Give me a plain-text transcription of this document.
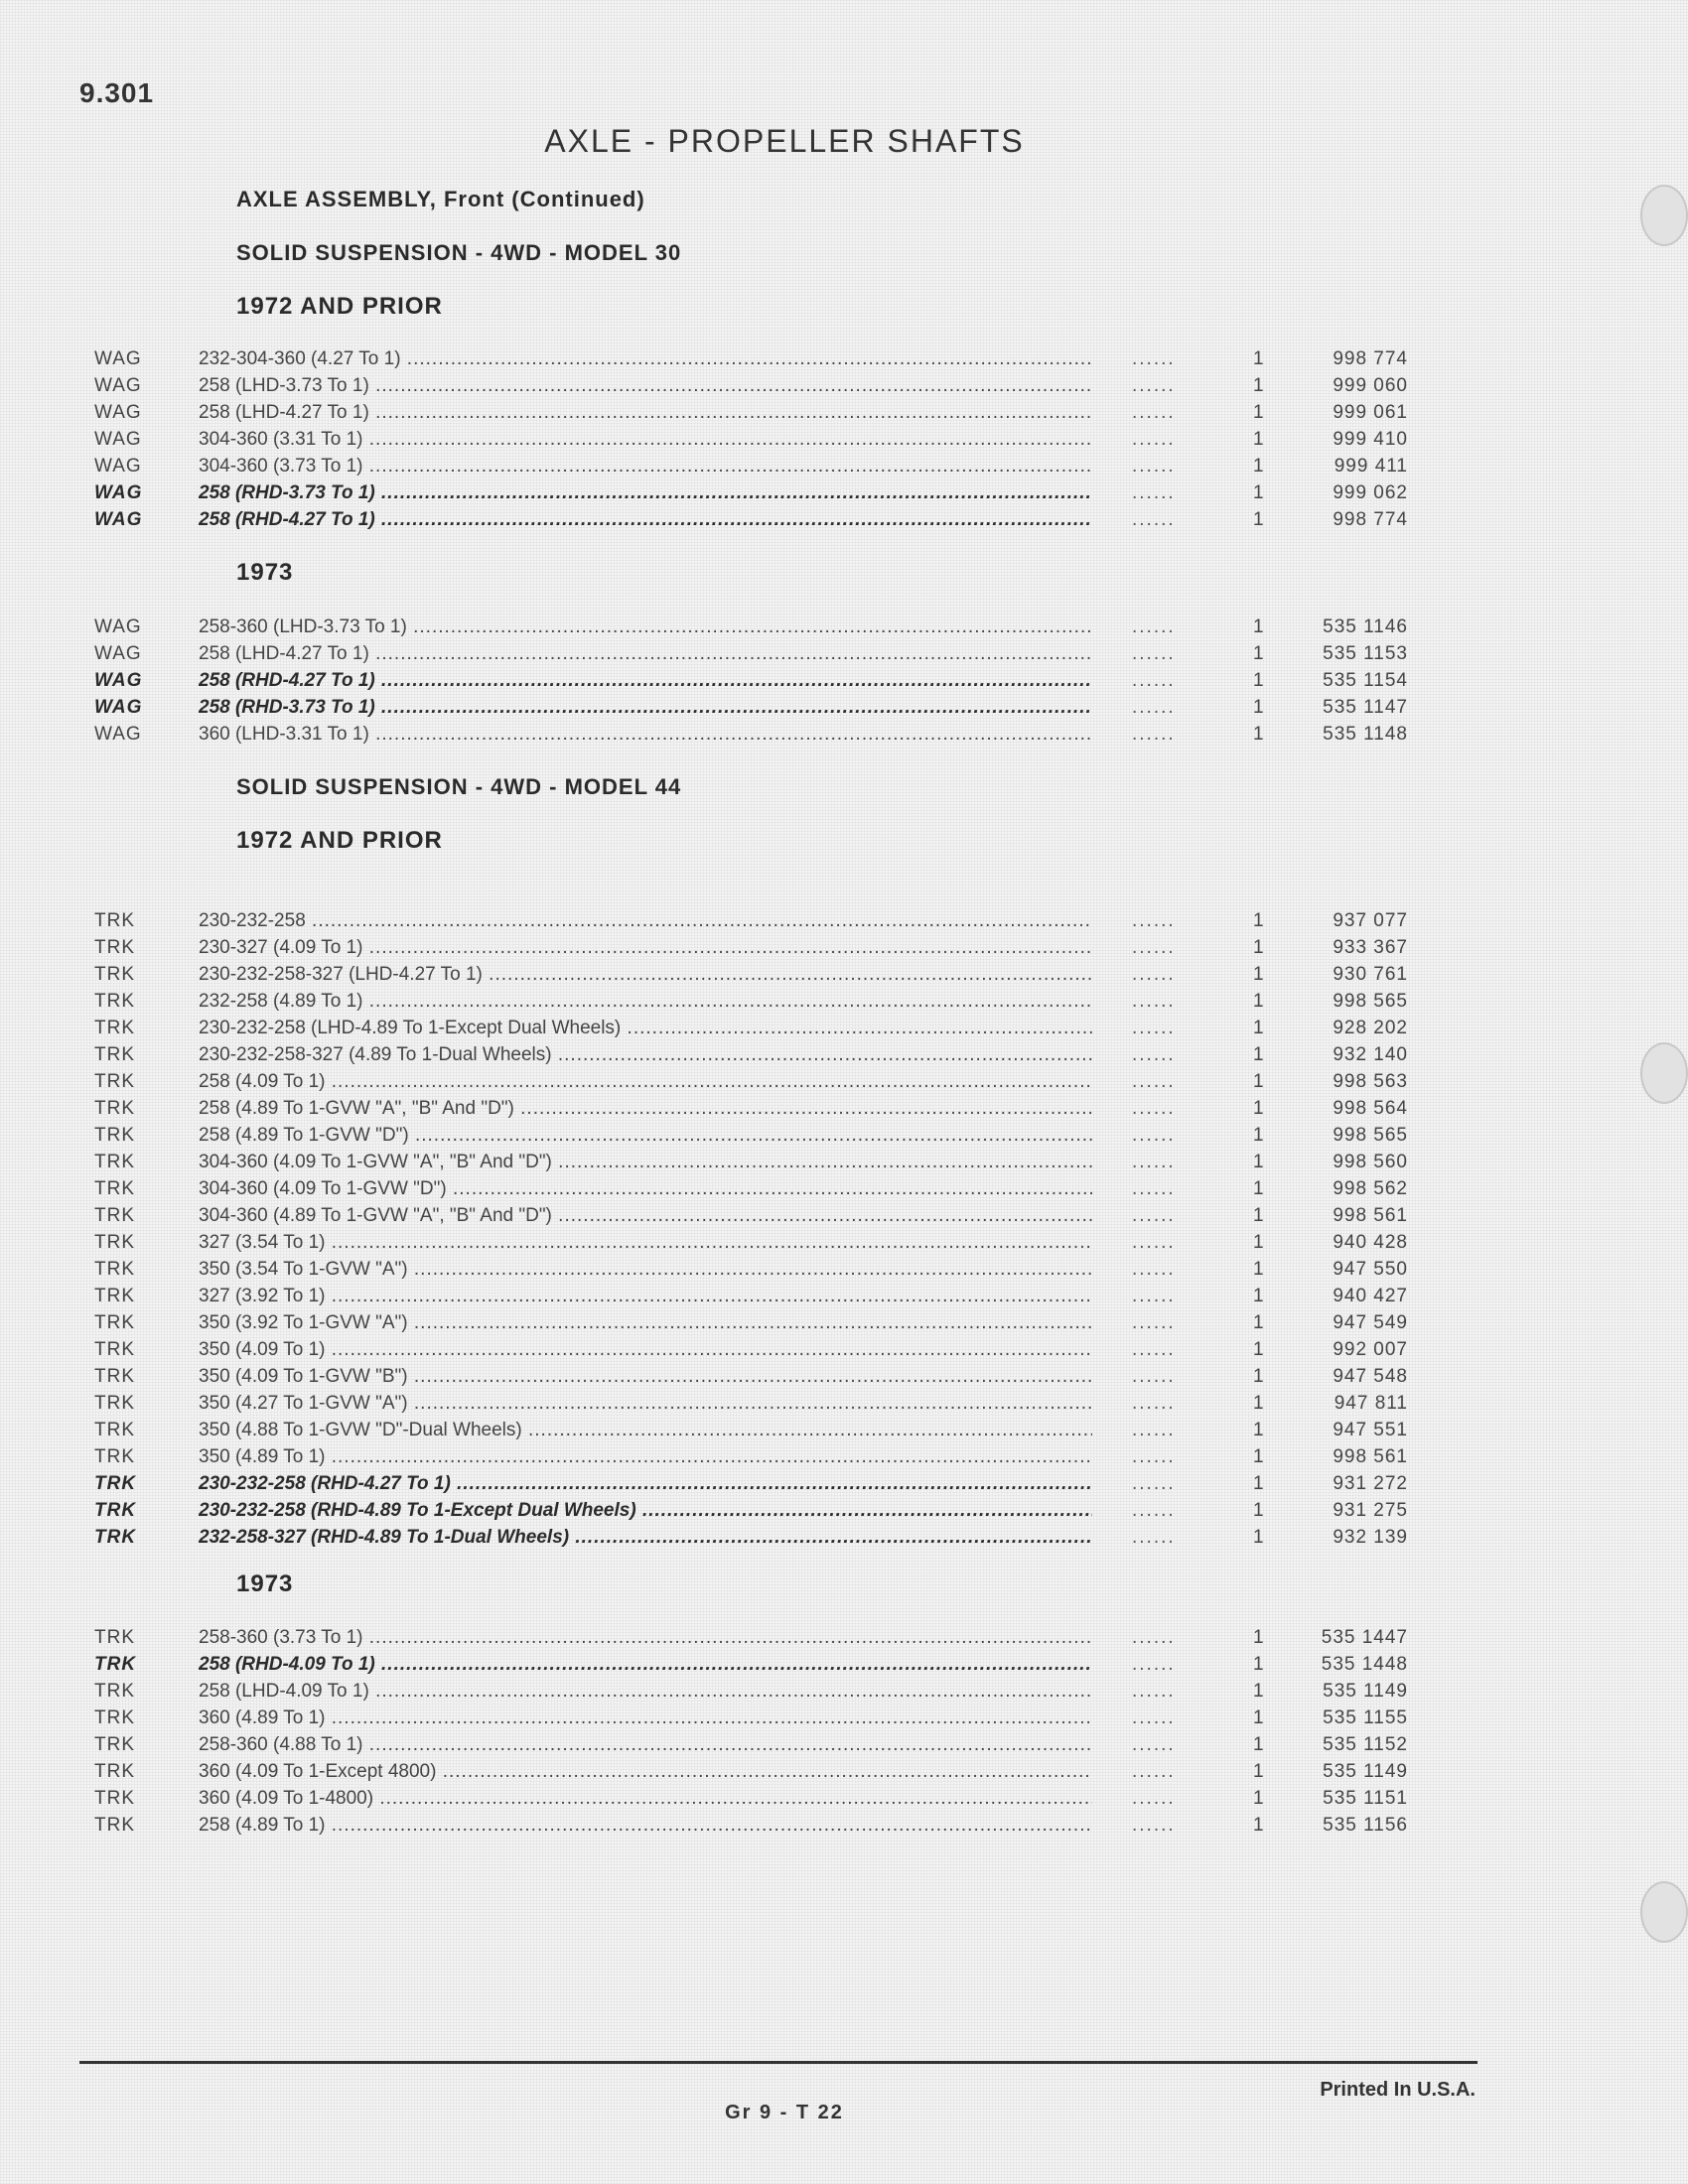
9.301
AXLE - PROPELLER SHAFTS
AXLE ASSEMBLY, Front (Continued)
SOLID SUSPENSION - 4WD - MODEL 30
1972 AND PRIOR
WAG	232-304-360 (4.27 To 1) .....	......	1	998 774
WAG	258 (LHD-3.73 To 1) .....	......	1	999 060
WAG	258 (LHD-4.27 To 1) .....	......	1	999 061
WAG	304-360 (3.31 To 1) .....	......	1	999 410
WAG	304-360 (3.73 To 1) .....	......	1	999 411
WAG	258 (RHD-3.73 To 1) .....	......	1	999 062
WAG	258 (RHD-4.27 To 1) .....	......	1	998 774
1973
WAG	258-360 (LHD-3.73 To 1) .....	......	1	535 1146
WAG	258 (LHD-4.27 To 1) .....	......	1	535 1153
WAG	258 (RHD-4.27 To 1) .....	......	1	535 1154
WAG	258 (RHD-3.73 To 1) .....	......	1	535 1147
WAG	360 (LHD-3.31 To 1) .....	......	1	535 1148
SOLID SUSPENSION - 4WD - MODEL 44
1972 AND PRIOR
TRK	230-232-258 .....	......	1	937 077
TRK	230-327 (4.09 To 1) .....	......	1	933 367
TRK	230-232-258-327 (LHD-4.27 To 1) .....	......	1	930 761
TRK	232-258 (4.89 To 1) .....	......	1	998 565
TRK	230-232-258 (LHD-4.89 To 1-Except Dual Wheels) .....	......	1	928 202
TRK	230-232-258-327 (4.89 To 1-Dual Wheels) .....	......	1	932 140
TRK	258 (4.09 To 1) .....	......	1	998 563
TRK	258 (4.89 To 1-GVW "A", "B" And "D") .....	......	1	998 564
TRK	258 (4.89 To 1-GVW "D") .....	......	1	998 565
TRK	304-360 (4.09 To 1-GVW "A", "B" And "D") .....	......	1	998 560
TRK	304-360 (4.09 To 1-GVW "D") .....	......	1	998 562
TRK	304-360 (4.89 To 1-GVW "A", "B" And "D") .....	......	1	998 561
TRK	327 (3.54 To 1) .....	......	1	940 428
TRK	350 (3.54 To 1-GVW "A") .....	......	1	947 550
TRK	327 (3.92 To 1) .....	......	1	940 427
TRK	350 (3.92 To 1-GVW "A") .....	......	1	947 549
TRK	350 (4.09 To 1) .....	......	1	992 007
TRK	350 (4.09 To 1-GVW "B") .....	......	1	947 548
TRK	350 (4.27 To 1-GVW "A") .....	......	1	947 811
TRK	350 (4.88 To 1-GVW "D"-Dual Wheels) .....	......	1	947 551
TRK	350 (4.89 To 1) .....	......	1	998 561
TRK	230-232-258 (RHD-4.27 To 1) .....	......	1	931 272
TRK	230-232-258 (RHD-4.89 To 1-Except Dual Wheels) .....	......	1	931 275
TRK	232-258-327 (RHD-4.89 To 1-Dual Wheels) .....	......	1	932 139
1973
TRK	258-360 (3.73 To 1) .....	......	1	535 1447
TRK	258 (RHD-4.09 To 1) .....	......	1	535 1448
TRK	258 (LHD-4.09 To 1) .....	......	1	535 1149
TRK	360 (4.89 To 1) .....	......	1	535 1155
TRK	258-360 (4.88 To 1) .....	......	1	535 1152
TRK	360 (4.09 To 1-Except 4800) .....	......	1	535 1149
TRK	360 (4.09 To 1-4800) .....	......	1	535 1151
TRK	258 (4.89 To 1) .....	......	1	535 1156
Printed In U.S.A.
Gr 9 - T 22
